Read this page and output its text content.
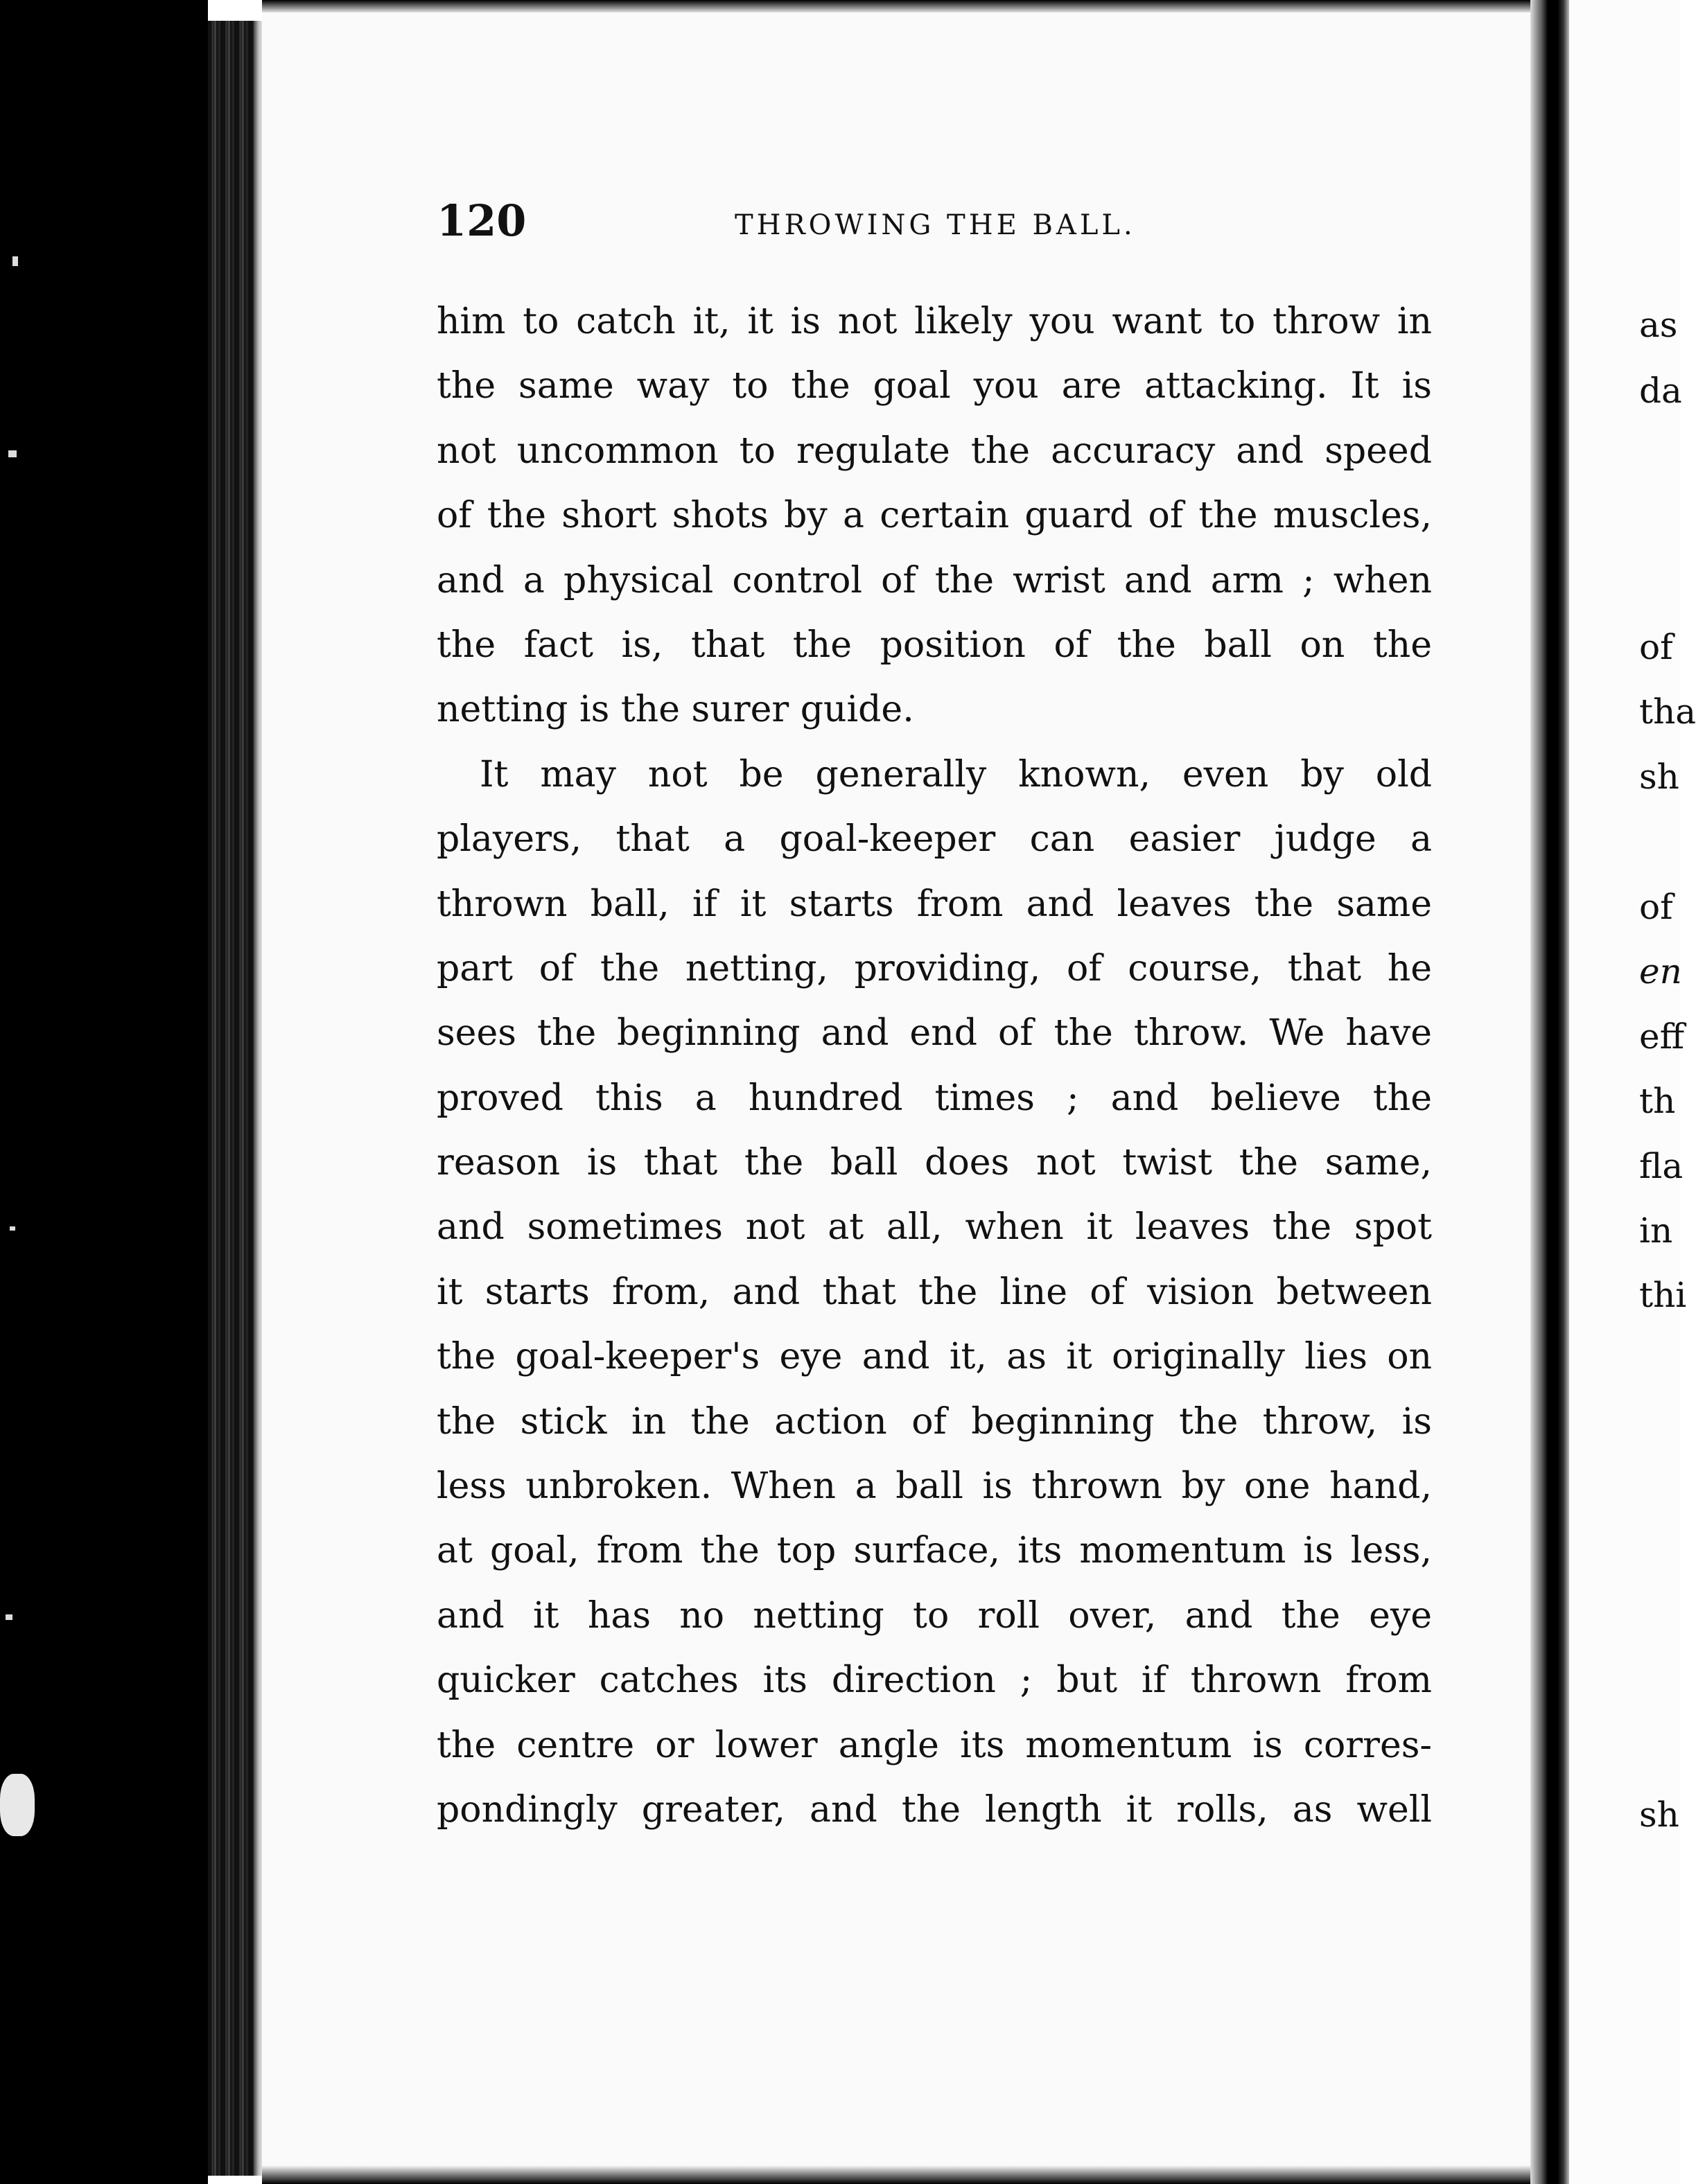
as
da
of
tha
sh
of
en
eff
th
fla
in
thi
sh
120	THROWING THE BALL.
him to catch it, it is not likely you want to throw in
the same way to the goal you are attacking. It is
not uncommon to regulate the accuracy and speed
of the short shots by a certain guard of the muscles,
and a physical control of the wrist and arm ; when
the fact is, that the position of the ball on the
netting is the surer guide.
It may not be generally known, even by old
players, that a goal-keeper can easier judge a
thrown ball, if it starts from and leaves the same
part of the netting, providing, of course, that he
sees the beginning and end of the throw. We have
proved this a hundred times ; and believe the
reason is that the ball does not twist the same,
and sometimes not at all, when it leaves the spot
it starts from, and that the line of vision between
the goal-keeper's eye and it, as it originally lies on
the stick in the action of beginning the throw, is
less unbroken. When a ball is thrown by one hand,
at goal, from the top surface, its momentum is less,
and it has no netting to roll over, and the eye
quicker catches its direction ; but if thrown from
the centre or lower angle its momentum is corres-
pondingly greater, and the length it rolls, as well
